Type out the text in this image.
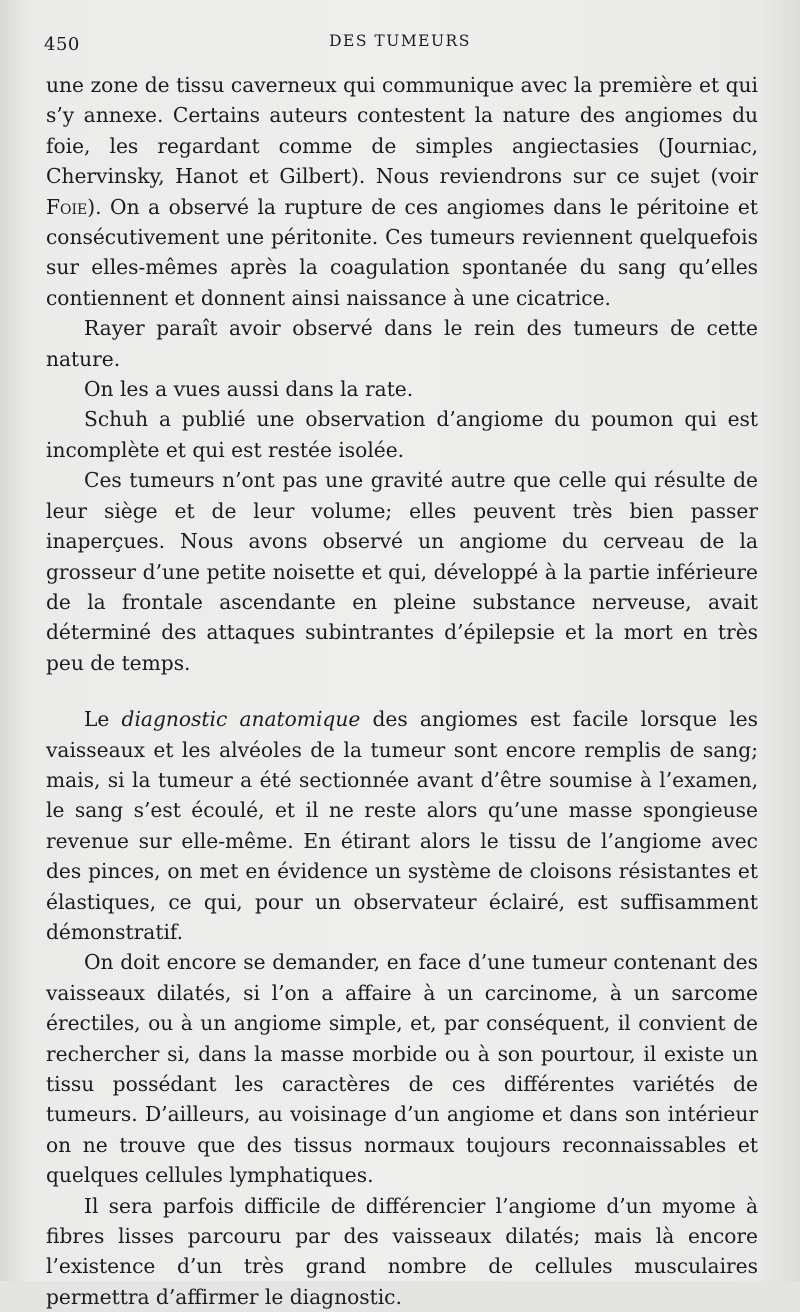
450	DES TUMEURS

une zone de tissu caverneux qui communique avec la première et qui s’y annexe. Certains auteurs contestent la nature des angiomes du foie, les regardant comme de simples angiectasies (Journiac, Chervinsky, Hanot et Gilbert). Nous reviendrons sur ce sujet (voir Foie). On a observé la rupture de ces angiomes dans le péritoine et consécutivement une péritonite. Ces tumeurs reviennent quelquefois sur elles-mêmes après la coagulation spontanée du sang qu’elles contiennent et donnent ainsi naissance à une cicatrice.

Rayer paraît avoir observé dans le rein des tumeurs de cette nature.

On les a vues aussi dans la rate.

Schuh a publié une observation d’angiome du poumon qui est incomplète et qui est restée isolée.

Ces tumeurs n’ont pas une gravité autre que celle qui résulte de leur siège et de leur volume; elles peuvent très bien passer inaperçues. Nous avons observé un angiome du cerveau de la grosseur d’une petite noisette et qui, développé à la partie inférieure de la frontale ascendante en pleine substance nerveuse, avait déterminé des attaques subintrantes d’épilepsie et la mort en très peu de temps.

Le diagnostic anatomique des angiomes est facile lorsque les vaisseaux et les alvéoles de la tumeur sont encore remplis de sang; mais, si la tumeur a été sectionnée avant d’être soumise à l’examen, le sang s’est écoulé, et il ne reste alors qu’une masse spongieuse revenue sur elle-même. En étirant alors le tissu de l’angiome avec des pinces, on met en évidence un système de cloisons résistantes et élastiques, ce qui, pour un observateur éclairé, est suffisamment démonstratif.

On doit encore se demander, en face d’une tumeur contenant des vaisseaux dilatés, si l’on a affaire à un carcinome, à un sarcome érectiles, ou à un angiome simple, et, par conséquent, il convient de rechercher si, dans la masse morbide ou à son pourtour, il existe un tissu possédant les caractères de ces différentes variétés de tumeurs. D’ailleurs, au voisinage d’un angiome et dans son intérieur on ne trouve que des tissus normaux toujours reconnaissables et quelques cellules lymphatiques.

Il sera parfois difficile de différencier l’angiome d’un myome à fibres lisses parcouru par des vaisseaux dilatés; mais là encore l’existence d’un très grand nombre de cellules musculaires permettra d’affirmer le diagnostic.
